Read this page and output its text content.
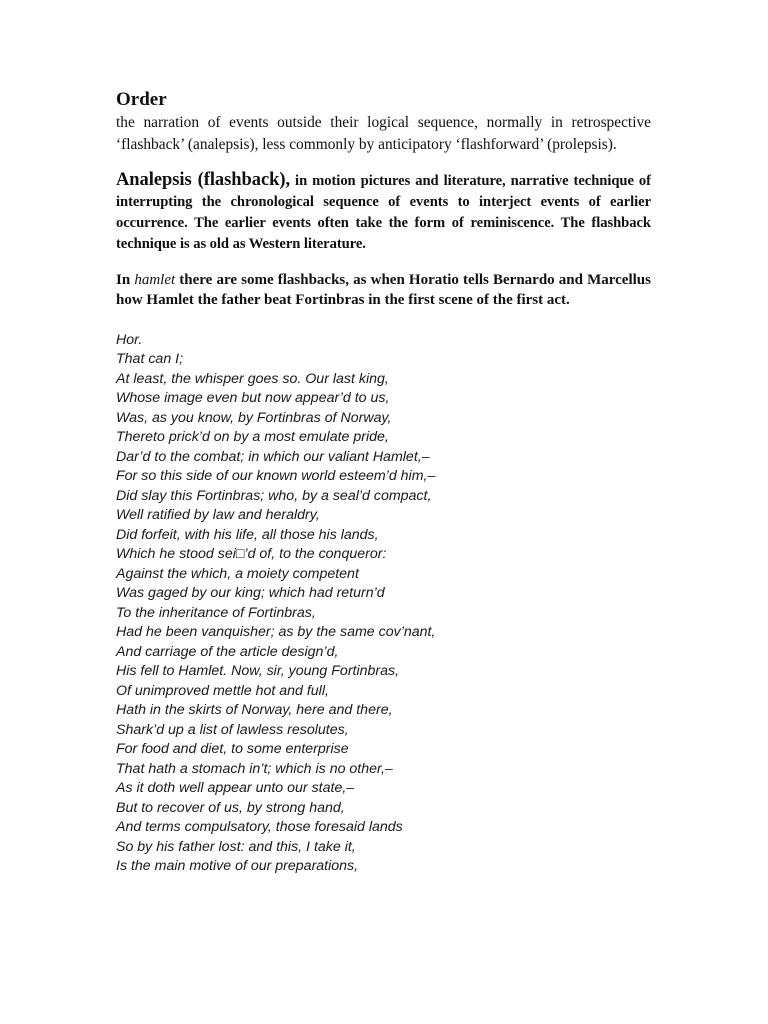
Order

the narration of events outside their logical sequence, normally in retrospective ‘flashback’ (analepsis), less commonly by anticipatory ‘flashforward’ (prolepsis).

Analepsis (flashback), in motion pictures and literature, narrative technique of interrupting the chronological sequence of events to interject events of earlier occurrence. The earlier events often take the form of reminiscence. The flashback technique is as old as Western literature.

In hamlet there are some flashbacks, as when Horatio tells Bernardo and Marcellus how Hamlet the father beat Fortinbras in the first scene of the first act.

Hor.
That can I;
At least, the whisper goes so. Our last king,
Whose image even but now appear’d to us,
Was, as you know, by Fortinbras of Norway,
Thereto prick’d on by a most emulate pride,
Dar’d to the combat; in which our valiant Hamlet,–
For so this side of our known world esteem’d him,–
Did slay this Fortinbras; who, by a seal’d compact,
Well ratified by law and heraldry,
Did forfeit, with his life, all those his lands,
Which he stood sei□’d of, to the conqueror:
Against the which, a moiety competent
Was gaged by our king; which had return’d
To the inheritance of Fortinbras,
Had he been vanquisher; as by the same cov’nant,
And carriage of the article design’d,
His fell to Hamlet. Now, sir, young Fortinbras,
Of unimproved mettle hot and full,
Hath in the skirts of Norway, here and there,
Shark’d up a list of lawless resolutes,
For food and diet, to some enterprise
That hath a stomach in’t; which is no other,–
As it doth well appear unto our state,–
But to recover of us, by strong hand,
And terms compulsatory, those foresaid lands
So by his father lost: and this, I take it,
Is the main motive of our preparations,
